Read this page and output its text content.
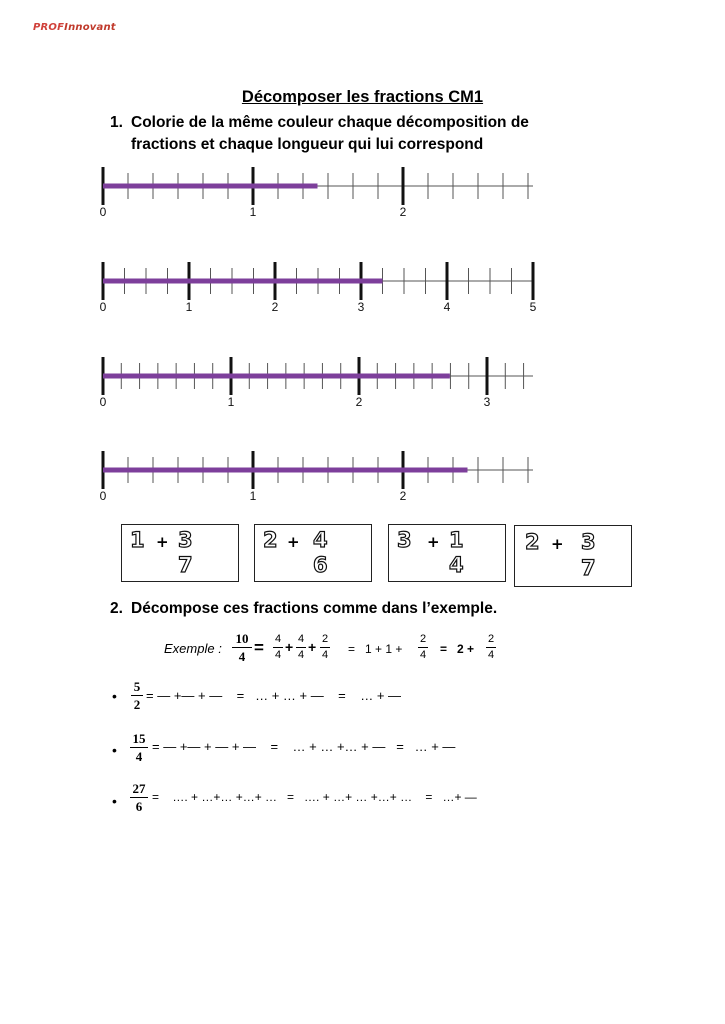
PROFInnovant
Décomposer les fractions CM1
1. Colorie de la même couleur chaque décomposition de
fractions et chaque longueur qui lui correspond
0	1	2
0	1	2	3	4	5
0	1	2	3
0	1	2
1 + 3
7
2 + 4
6
3 + 1
4
2 + 3
7
2. Décompose ces fractions comme dans l’exemple.
Exemple :
10
4 = 4
4 + 4
4 + 2
4 =   1 + 1 +
2
4 =   2 +
2
4
•
5
2
= — +— + —    =   … + … + —    =    … + —
•
15
4
= — +— + — + —    =    … + … +… + —   =   … + —
•
27
6
=    …. + …+… +…+ …   =   …. + …+ … +…+ …    =   …+ —
